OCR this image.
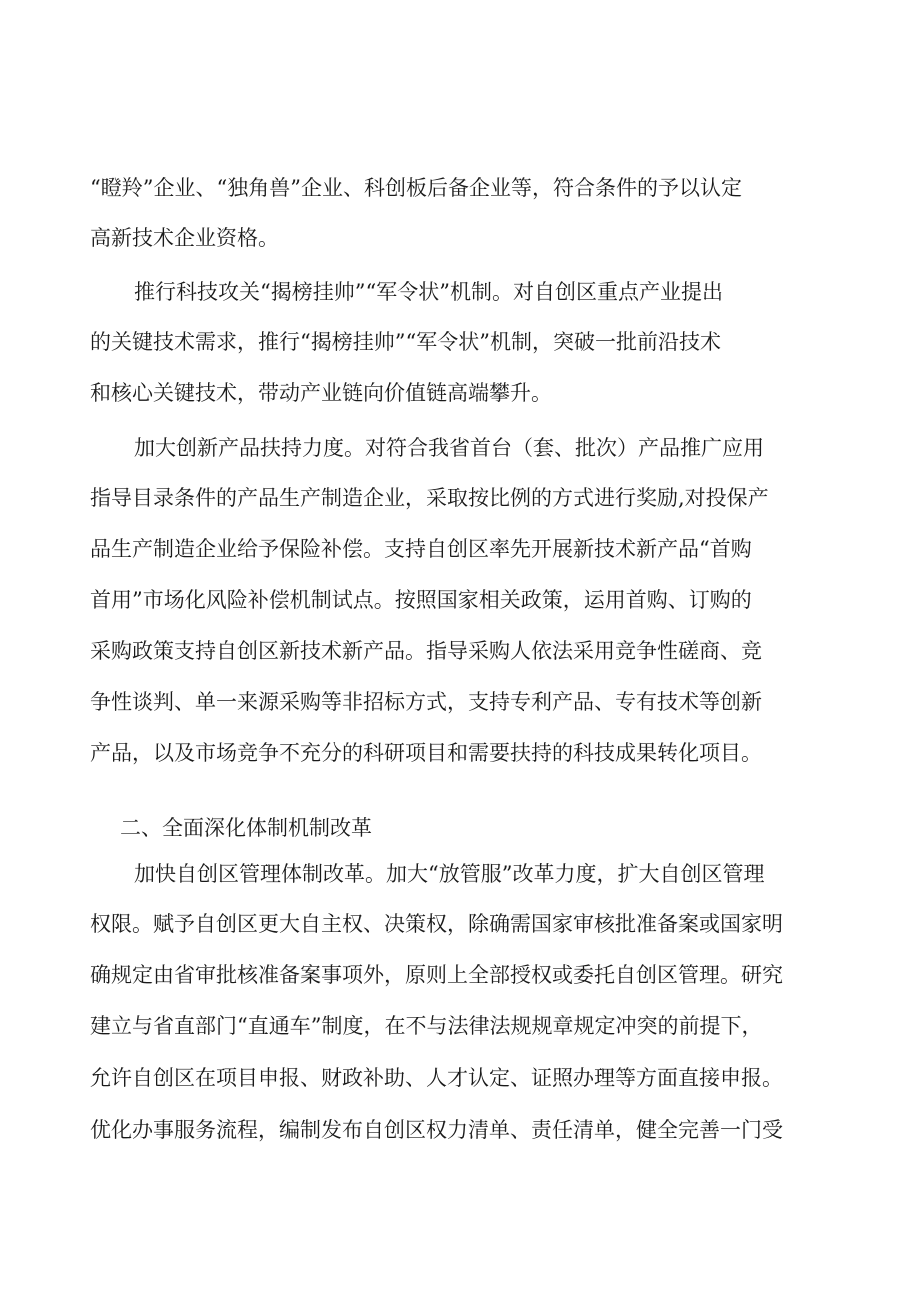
“瞪羚”企业、“独角兽”企业、科创板后备企业等，符合条件的予以认定
高新技术企业资格。
推行科技攻关“揭榜挂帅”“军令状”机制。对自创区重点产业提出
的关键技术需求，推行“揭榜挂帅”“军令状”机制，突破一批前沿技术
和核心关键技术，带动产业链向价值链高端攀升。
加大创新产品扶持力度。对符合我省首台（套、批次）产品推广应用
指导目录条件的产品生产制造企业，采取按比例的方式进行奖励,对投保产
品生产制造企业给予保险补偿。支持自创区率先开展新技术新产品“首购
首用”市场化风险补偿机制试点。按照国家相关政策，运用首购、订购的
采购政策支持自创区新技术新产品。指导采购人依法采用竞争性磋商、竞
争性谈判、单一来源采购等非招标方式，支持专利产品、专有技术等创新
产品，以及市场竞争不充分的科研项目和需要扶持的科技成果转化项目。
二、全面深化体制机制改革
加快自创区管理体制改革。加大“放管服”改革力度，扩大自创区管理
权限。赋予自创区更大自主权、决策权，除确需国家审核批准备案或国家明
确规定由省审批核准备案事项外，原则上全部授权或委托自创区管理。研究
建立与省直部门“直通车”制度，在不与法律法规规章规定冲突的前提下，
允许自创区在项目申报、财政补助、人才认定、证照办理等方面直接申报。
优化办事服务流程，编制发布自创区权力清单、责任清单，健全完善一门受
